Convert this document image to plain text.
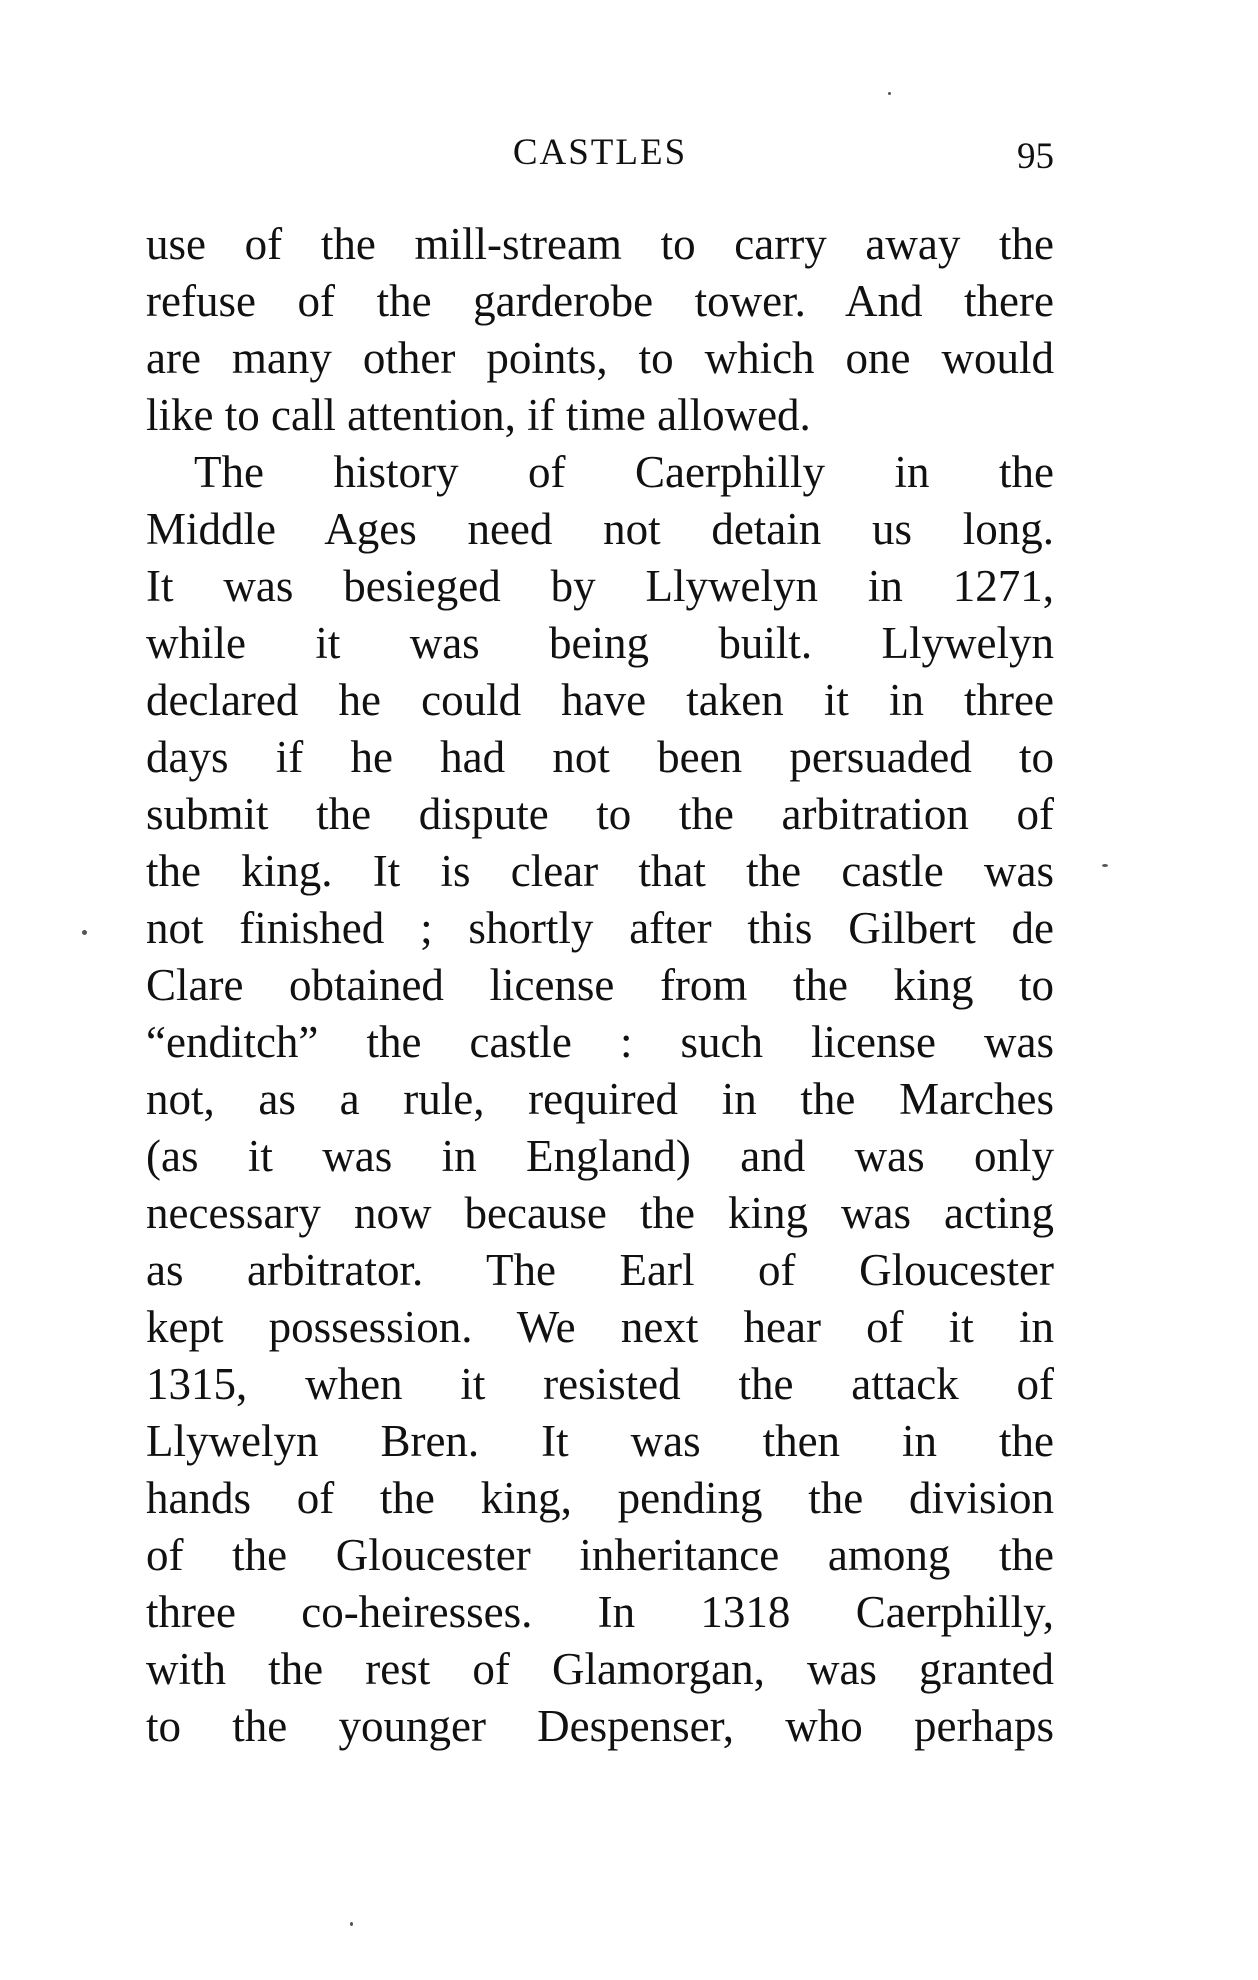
CASTLES	95
use of the mill-stream to carry away the
refuse of the garderobe tower. And there
are many other points, to which one would
like to call attention, if time allowed.
The history of Caerphilly in the
Middle Ages need not detain us long.
It was besieged by Llywelyn in 1271,
while it was being built. Llywelyn
declared he could have taken it in three
days if he had not been persuaded to
submit the dispute to the arbitration of
the king. It is clear that the castle was
not finished ; shortly after this Gilbert de
Clare obtained license from the king to
“enditch” the castle : such license was
not, as a rule, required in the Marches
(as it was in England) and was only
necessary now because the king was acting
as arbitrator. The Earl of Gloucester
kept possession. We next hear of it in
1315, when it resisted the attack of
Llywelyn Bren. It was then in the
hands of the king, pending the division
of the Gloucester inheritance among the
three co-heiresses. In 1318 Caerphilly,
with the rest of Glamorgan, was granted
to the younger Despenser, who perhaps
